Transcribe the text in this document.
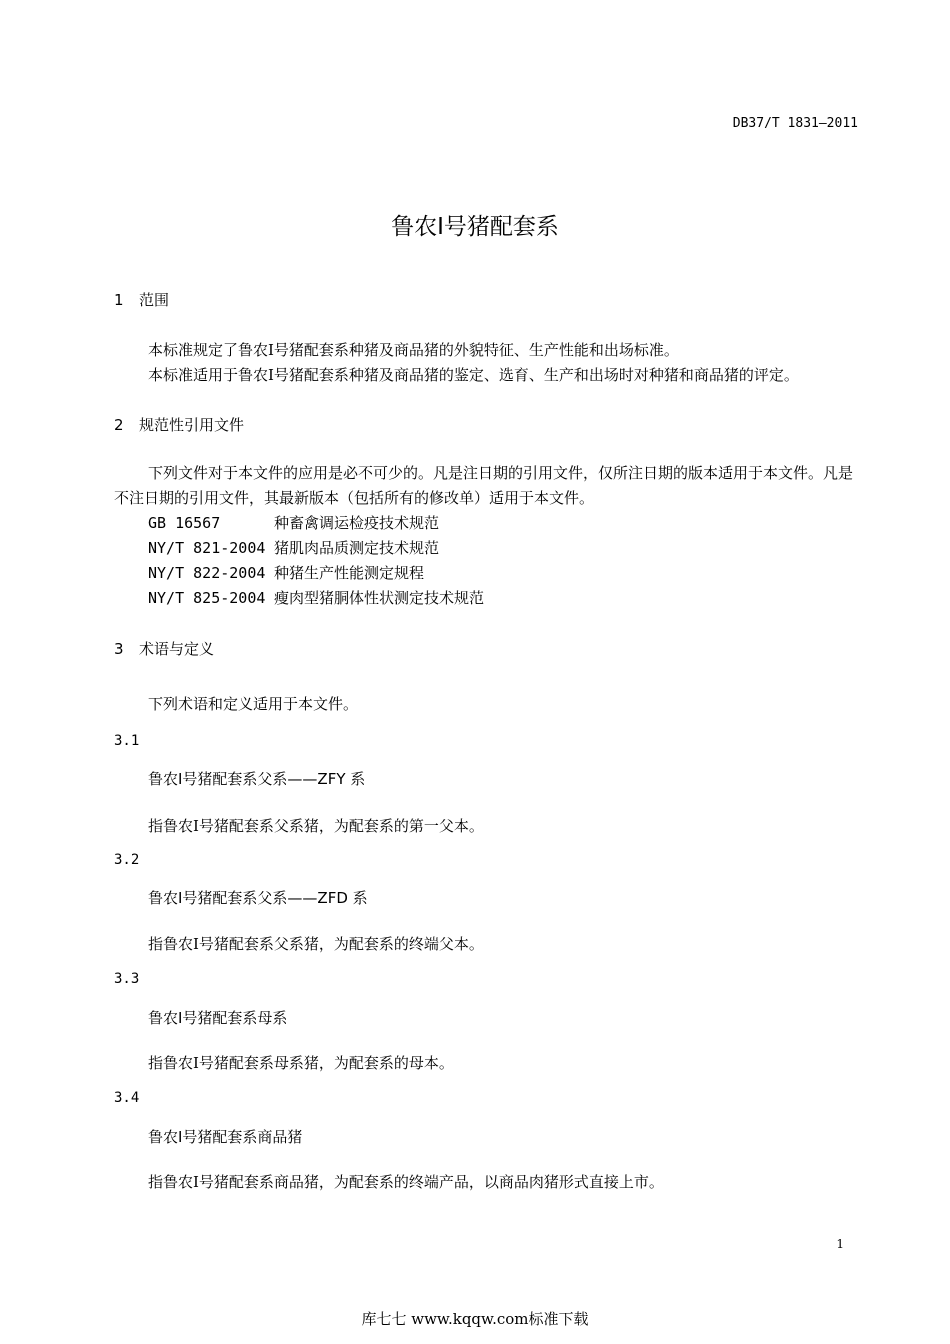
DB37/T 1831—2011
鲁农Ⅰ号猪配套系
1 范围
本标准规定了鲁农Ⅰ号猪配套系种猪及商品猪的外貌特征、生产性能和出场标准。
本标准适用于鲁农Ⅰ号猪配套系种猪及商品猪的鉴定、选育、生产和出场时对种猪和商品猪的评定。
2 规范性引用文件
下列文件对于本文件的应用是必不可少的。凡是注日期的引用文件，仅所注日期的版本适用于本文件。凡是不注日期的引用文件，其最新版本（包括所有的修改单）适用于本文件。
GB 16567	种畜禽调运检疫技术规范
NY/T 821-2004 猪肌肉品质测定技术规范
NY/T 822-2004 种猪生产性能测定规程
NY/T 825-2004 瘦肉型猪胴体性状测定技术规范
3 术语与定义
下列术语和定义适用于本文件。
3.1
鲁农Ⅰ号猪配套系父系——ZFY 系
指鲁农Ⅰ号猪配套系父系猪，为配套系的第一父本。
3.2
鲁农Ⅰ号猪配套系父系——ZFD 系
指鲁农Ⅰ号猪配套系父系猪，为配套系的终端父本。
3.3
鲁农Ⅰ号猪配套系母系
指鲁农Ⅰ号猪配套系母系猪，为配套系的母本。
3.4
鲁农Ⅰ号猪配套系商品猪
指鲁农Ⅰ号猪配套系商品猪，为配套系的终端产品，以商品肉猪形式直接上市。
1
库七七 www.kqqw.com标准下载
